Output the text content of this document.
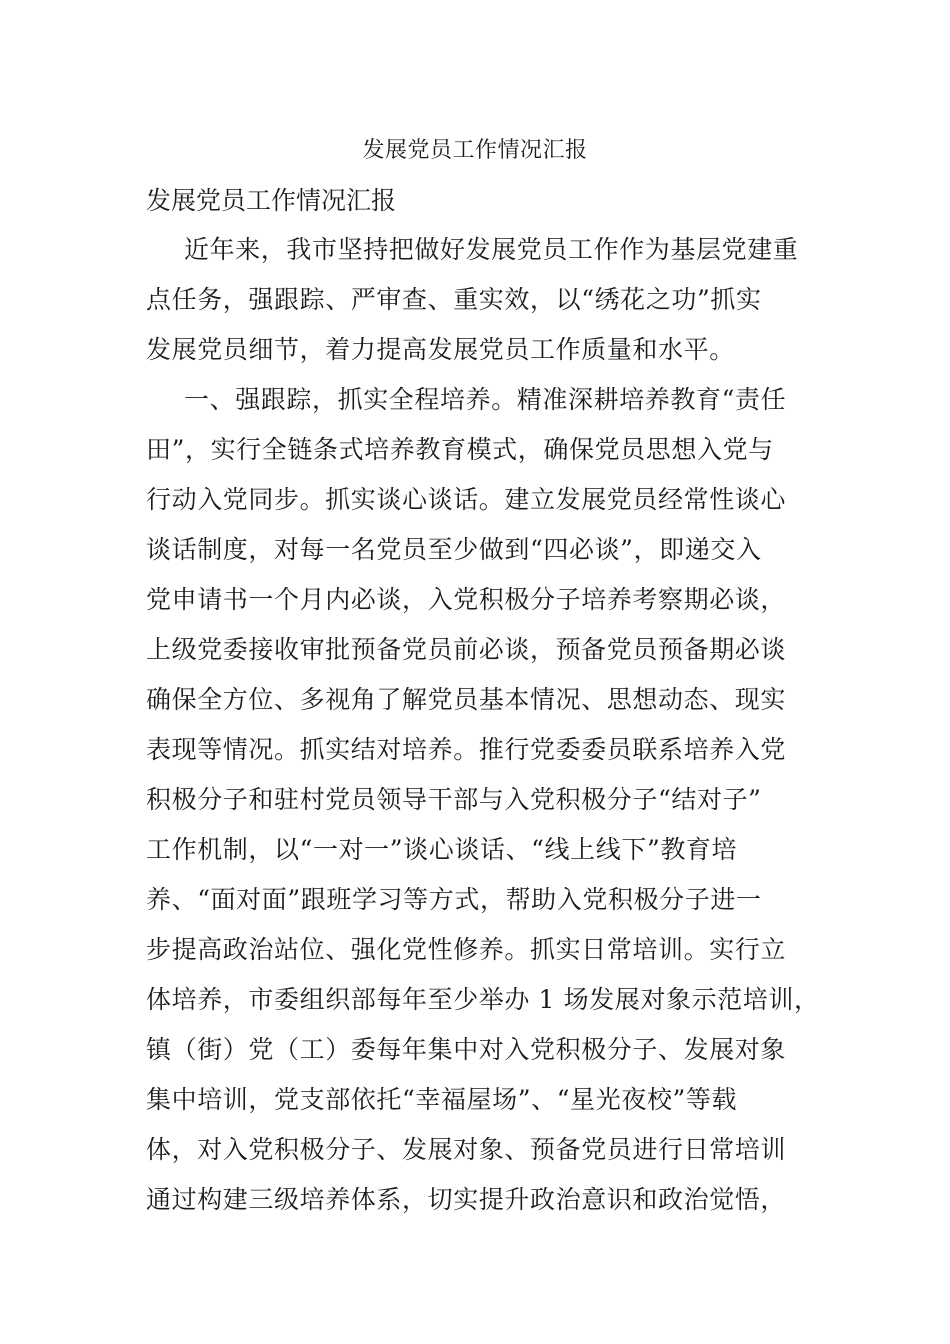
发展党员工作情况汇报
发展党员工作情况汇报
近年来，我市坚持把做好发展党员工作作为基层党建重
点任务，强跟踪、严审查、重实效，以“绣花之功”抓实
发展党员细节，着力提高发展党员工作质量和水平。
一、强跟踪，抓实全程培养。精准深耕培养教育“责任
田”，实行全链条式培养教育模式，确保党员思想入党与
行动入党同步。抓实谈心谈话。建立发展党员经常性谈心
谈话制度，对每一名党员至少做到“四必谈”，即递交入
党申请书一个月内必谈，入党积极分子培养考察期必谈，
上级党委接收审批预备党员前必谈，预备党员预备期必谈
确保全方位、多视角了解党员基本情况、思想动态、现实
表现等情况。抓实结对培养。推行党委委员联系培养入党
积极分子和驻村党员领导干部与入党积极分子“结对子”
工作机制，以“一对一”谈心谈话、“线上线下”教育培
养、“面对面”跟班学习等方式，帮助入党积极分子进一
步提高政治站位、强化党性修养。抓实日常培训。实行立
体培养，市委组织部每年至少举办 1 场发展对象示范培训，
镇（街）党（工）委每年集中对入党积极分子、发展对象
集中培训，党支部依托“幸福屋场”、“星光夜校”等载
体，对入党积极分子、发展对象、预备党员进行日常培训
通过构建三级培养体系，切实提升政治意识和政治觉悟，
